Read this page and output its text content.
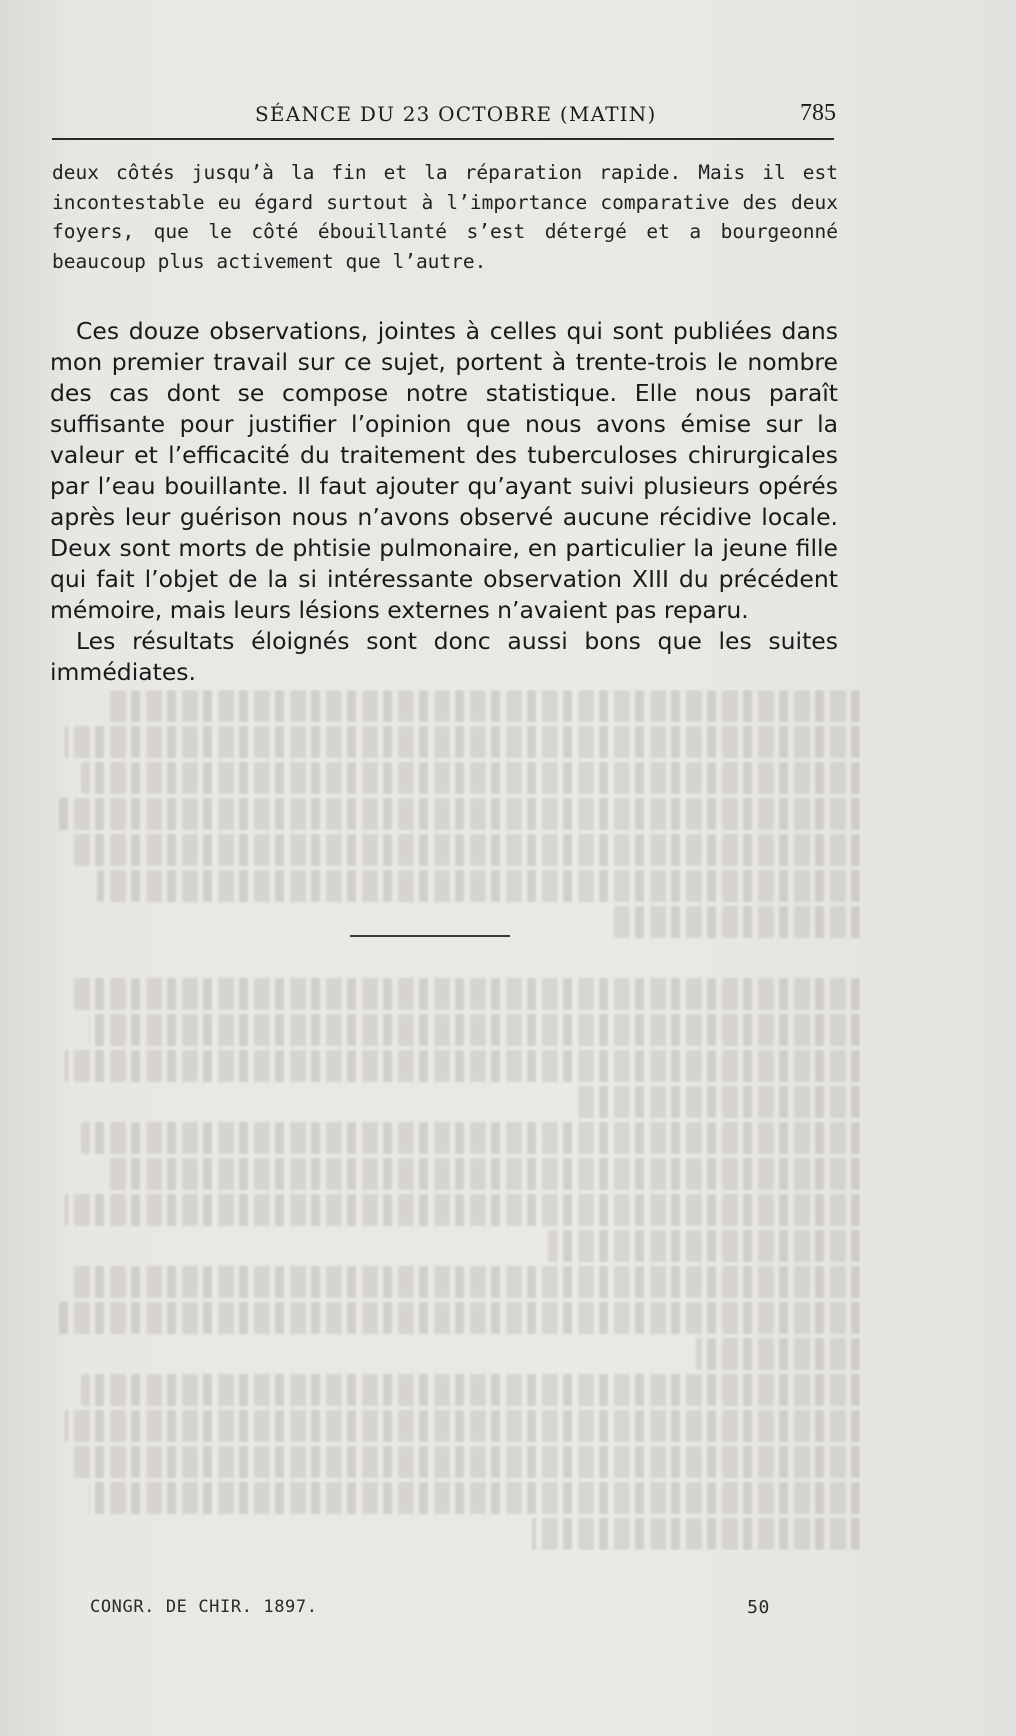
SÉANCE DU 23 OCTOBRE (MATIN)	785
deux côtés jusqu’à la fin et la réparation rapide. Mais il est incontestable eu égard surtout à l’importance comparative des deux foyers, que le côté ébouillanté s’est détergé et a bourgeonné beaucoup plus activement que l’autre.

Ces douze observations, jointes à celles qui sont publiées dans mon premier travail sur ce sujet, portent à trente-trois le nombre des cas dont se compose notre statistique. Elle nous paraît suffisante pour justifier l’opinion que nous avons émise sur la valeur et l’efficacité du traitement des tuberculoses chirurgicales par l’eau bouillante. Il faut ajouter qu’ayant suivi plusieurs opérés après leur guérison nous n’avons observé aucune récidive locale. Deux sont morts de phtisie pulmonaire, en particulier la jeune fille qui fait l’objet de la si intéressante observation XIII du précédent mémoire, mais leurs lésions externes n’avaient pas reparu.

Les résultats éloignés sont donc aussi bons que les suites immédiates.

CONGR. DE CHIR. 1897.	50
